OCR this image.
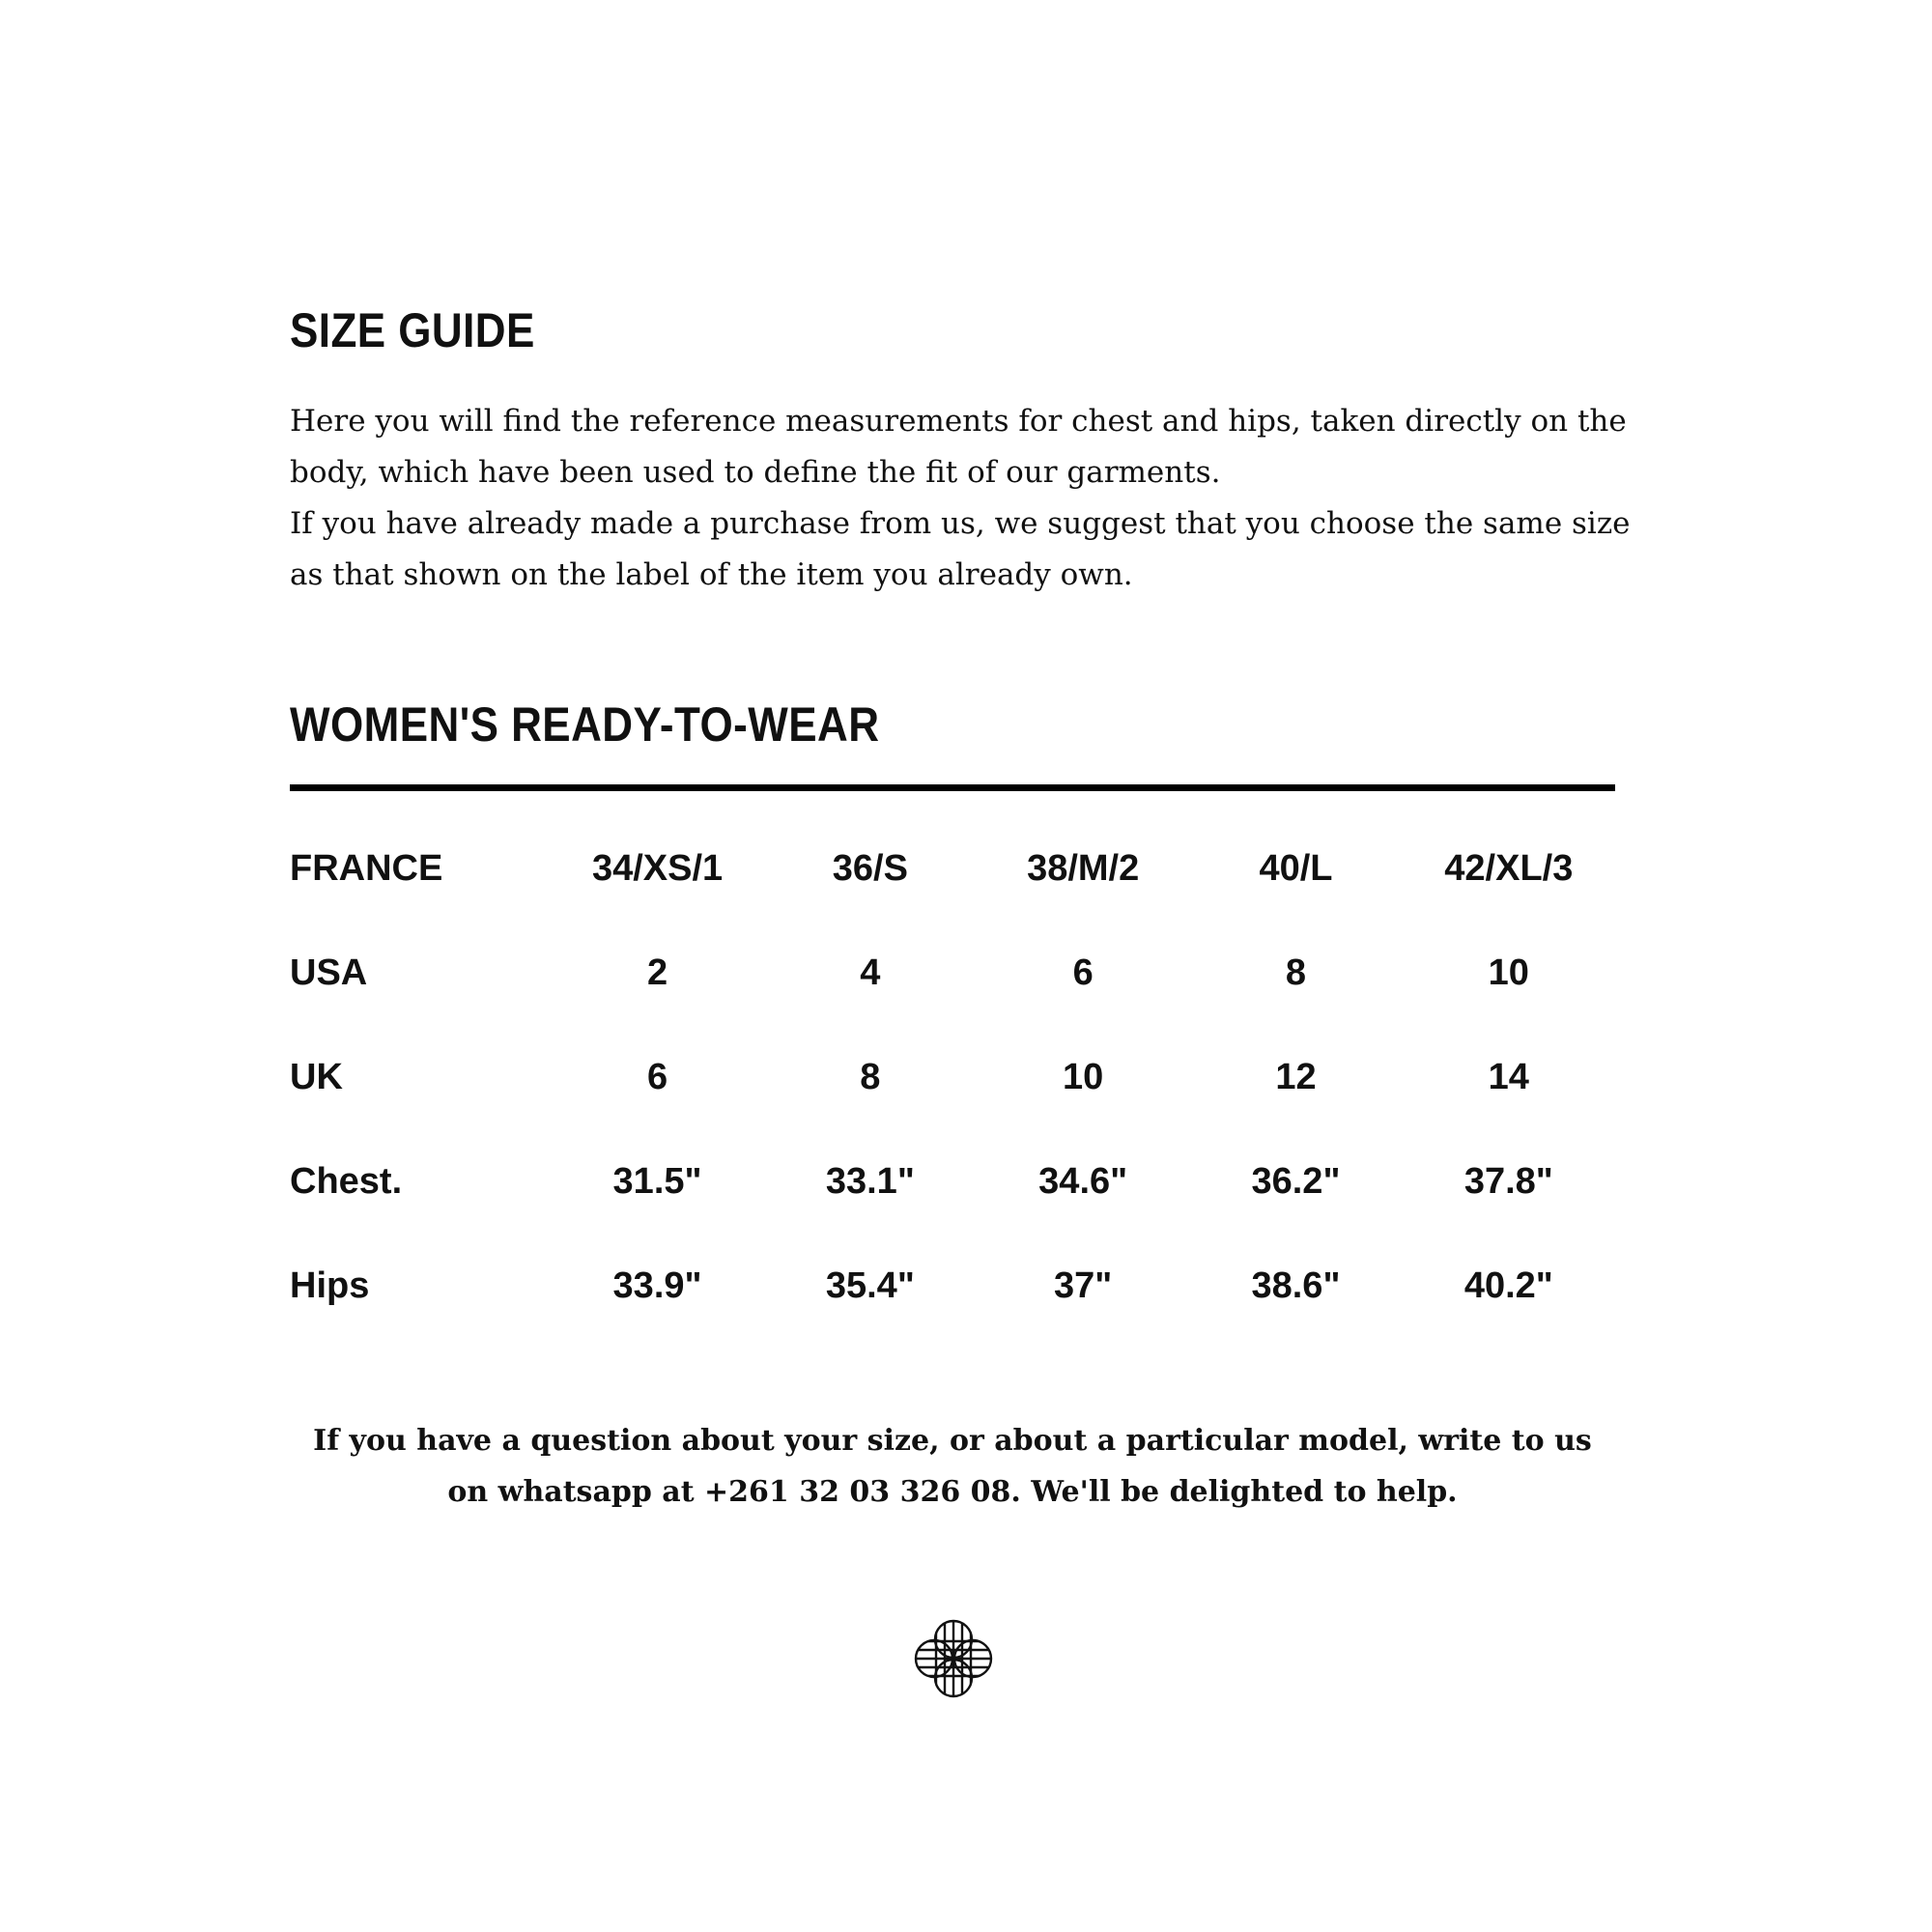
SIZE GUIDE

Here you will find the reference measurements for chest and hips, taken directly on the body, which have been used to define the fit of our garments.

If you have already made a purchase from us, we suggest that you choose the same size as that shown on the label of the item you already own.

WOMEN'S READY-TO-WEAR
FRANCE	34/XS/1	36/S	38/M/2	40/L	42/XL/3
USA	2	4	6	8	10
UK	6	8	10	12	14
Chest.	31.5"	33.1"	34.6"	36.2"	37.8"
Hips	33.9"	35.4"	37"	38.6"	40.2"

If you have a question about your size, or about a particular model, write to us on whatsapp at +261 32 03 326 08. We'll be delighted to help.
